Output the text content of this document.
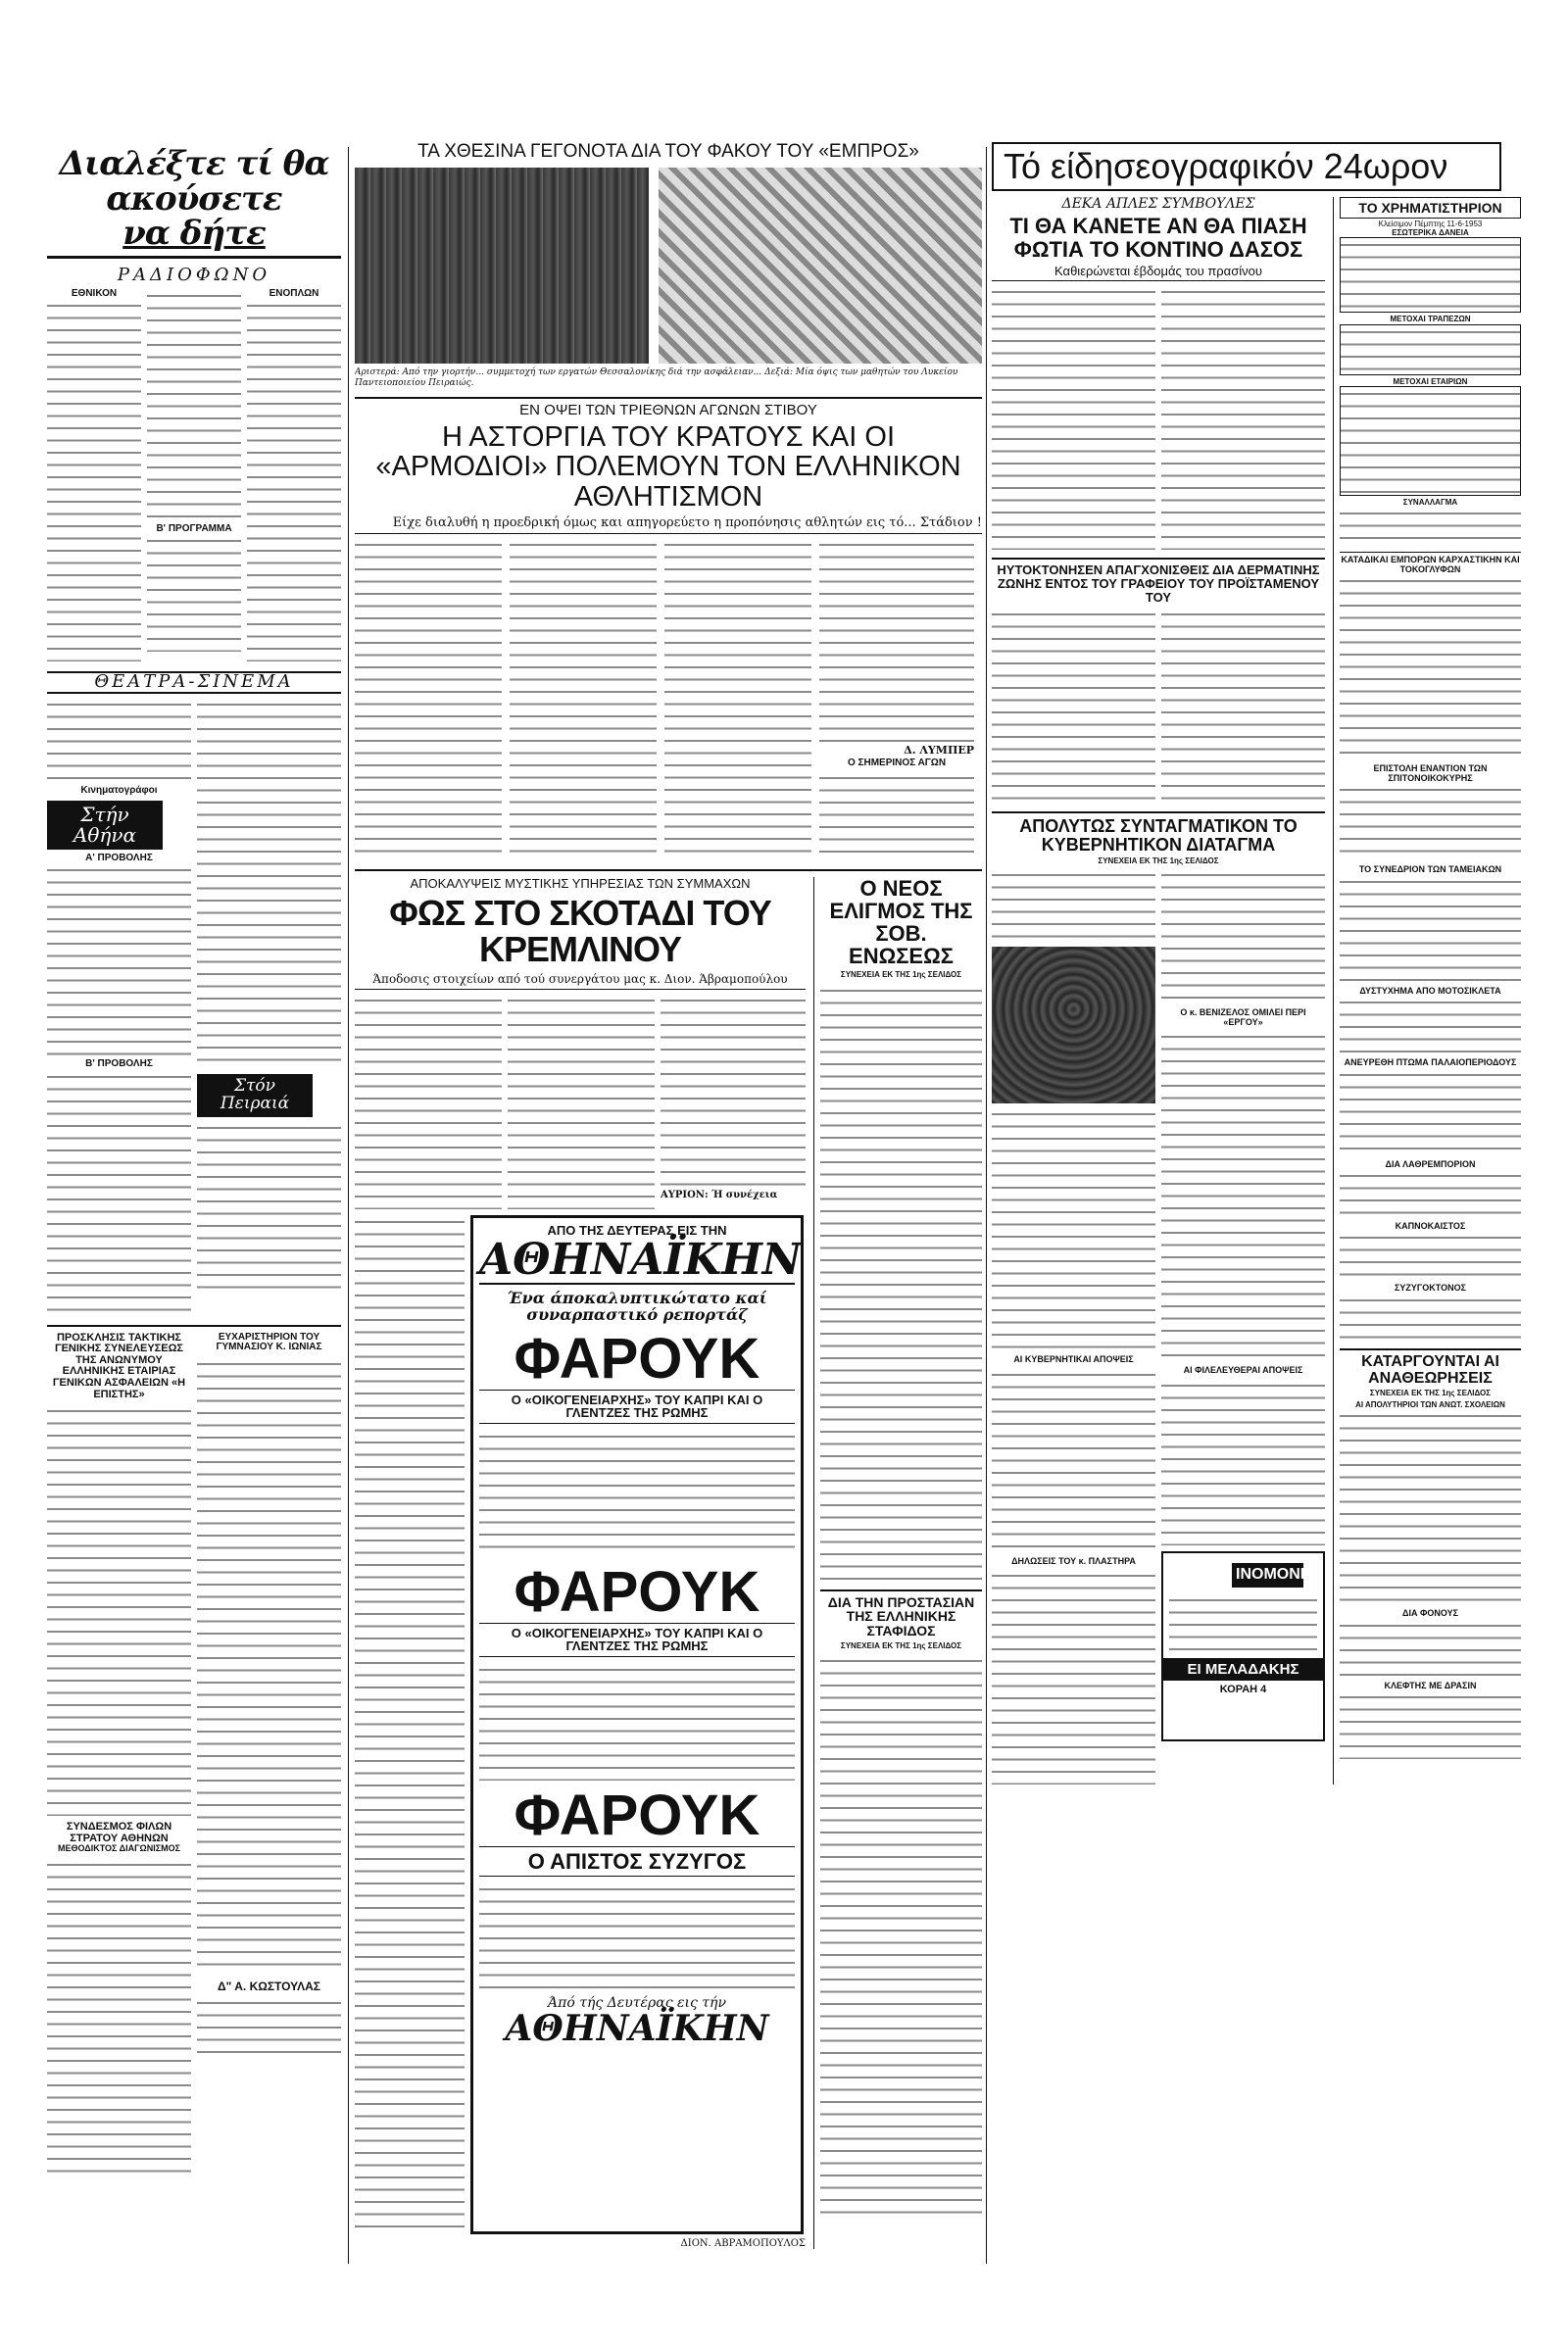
Διαλέξτε τί θα ακούσετε
να δήτε
ΡΑΔΙΟΦΩΝΟ
ΕΘΝΙΚΟΝ
Β' ΠΡΟΓΡΑΜΜΑ
ΕΝΟΠΛΩΝ
ΘΕΑΤΡΑ-ΣΙΝΕΜΑ
Κινηματογράφοι
Στήν Αθήνα
Α' ΠΡΟΒΟΛΗΣ
Β' ΠΡΟΒΟΛΗΣ
Στόν Πειραιά
ΠΡΟΣΚΛΗΣΙΣ ΤΑΚΤΙΚΗΣ ΓΕΝΙΚΗΣ ΣΥΝΕΛΕΥΣΕΩΣ ΤΗΣ ΑΝΩΝΥΜΟΥ ΕΛΛΗΝΙΚΗΣ ΕΤΑΙΡΙΑΣ ΓΕΝΙΚΩΝ ΑΣΦΑΛΕΙΩΝ «Η ΕΠΙΣΤΗΣ»
ΣΥΝΔΕΣΜΟΣ ΦΙΛΩΝ ΣΤΡΑΤΟΥ ΑΘΗΝΩΝ
ΜΕΘΟΔΙΚΤΟΣ ΔΙΑΓΩΝΙΣΜΟΣ
ΕΥΧΑΡΙΣΤΗΡΙΟΝ ΤΟΥ ΓΥΜΝΑΣΙΟΥ Κ. ΙΩΝΙΑΣ
Δ" Α. ΚΩΣΤΟΥΛΑΣ
ΤΑ ΧΘΕΣΙΝΑ ΓΕΓΟΝΟΤΑ ΔΙΑ ΤΟΥ ΦΑΚΟΥ ΤΟΥ «ΕΜΠΡΟΣ»
Αριστερά: Από την γιορτήν... συμμετοχή των εργατών Θεσσαλονίκης διά την ασφάλειαν... Δεξιά: Μία όψις των μαθητών του Λυκείου Παντειοποιείου Πειραιώς.
ΕΝ ΟΨΕΙ ΤΩΝ ΤΡΙΕΘΝΩΝ ΑΓΩΝΩΝ ΣΤΙΒΟΥ
Η ΑΣΤΟΡΓΙΑ ΤΟΥ ΚΡΑΤΟΥΣ ΚΑΙ ΟΙ «ΑΡΜΟΔΙΟΙ» ΠΟΛΕΜΟΥΝ ΤΟΝ ΕΛΛΗΝΙΚΟΝ ΑΘΛΗΤΙΣΜΟΝ
Είχε διαλυθή η προεδρική όμως και απηγορεύετο η προπόνησις αθλητών εις τό... Στάδιον !
Δ. ΛΥΜΠΕΡ
Ο ΣΗΜΕΡΙΝΟΣ ΑΓΩΝ
ΑΠΟΚΑΛΥΨΕΙΣ ΜΥΣΤΙΚΗΣ ΥΠΗΡΕΣΙΑΣ ΤΩΝ ΣΥΜΜΑΧΩΝ
ΦΩΣ ΣΤΟ ΣΚΟΤΑΔΙ ΤΟΥ ΚΡΕΜΛΙΝΟΥ
Άποδοσις στοιχείων από τού συνεργάτου μας κ. Διον. Άβραμοπούλου
ΑΥΡΙΟΝ: Ή συνέχεια
ΑΠΟ ΤΗΣ ΔΕΥΤΕΡΑΣ ΕΙΣ ΤΗΝ
ΑΘΗΝΑΪΚΗΝ
Ένα άποκαλυπτικώτατο καί συναρπαστικό ρεπορτάζ
ΦΑΡΟΥΚ
Ο «ΟΙΚΟΓΕΝΕΙΑΡΧΗΣ» ΤΟΥ ΚΑΠΡΙ ΚΑΙ Ο ΓΛΕΝΤΖΕΣ ΤΗΣ ΡΩΜΗΣ
ΦΑΡΟΥΚ
Ο «ΟΙΚΟΓΕΝΕΙΑΡΧΗΣ» ΤΟΥ ΚΑΠΡΙ ΚΑΙ Ο ΓΛΕΝΤΖΕΣ ΤΗΣ ΡΩΜΗΣ
ΦΑΡΟΥΚ
Ο ΑΠΙΣΤΟΣ ΣΥΖΥΓΟΣ
Άπό τής Δευτέρας εις τήν
ΑΘΗΝΑΪΚΗΝ
ΔΙΟΝ. ΑΒΡΑΜΟΠΟΥΛΟΣ
Ο ΝΕΟΣ ΕΛΙΓΜΟΣ ΤΗΣ ΣΟΒ. ΕΝΩΣΕΩΣ
ΣΥΝΕΧΕΙΑ ΕΚ ΤΗΣ 1ης ΣΕΛΙΔΟΣ
ΔΙΑ ΤΗΝ ΠΡΟΣΤΑΣΙΑΝ ΤΗΣ ΕΛΛΗΝΙΚΗΣ ΣΤΑΦΙΔΟΣ
ΣΥΝΕΧΕΙΑ ΕΚ ΤΗΣ 1ης ΣΕΛΙΔΟΣ
Τό είδησεογραφικόν 24ωρον
ΔΕΚΑ ΑΠΛΕΣ ΣΥΜΒΟΥΛΕΣ
ΤΙ ΘΑ ΚΑΝΕΤΕ ΑΝ ΘΑ ΠΙΑΣΗ ΦΩΤΙΑ ΤΟ ΚΟΝΤΙΝΟ ΔΑΣΟΣ
Καθιερώνεται έβδομάς του πρασίνου
ΗΥΤΟΚΤΟΝΗΣΕΝ ΑΠΑΓΧΟΝΙΣΘΕΙΣ ΔΙΑ ΔΕΡΜΑΤΙΝΗΣ ΖΩΝΗΣ ΕΝΤΟΣ ΤΟΥ ΓΡΑΦΕΙΟΥ ΤΟΥ ΠΡΟΪΣΤΑΜΕΝΟΥ ΤΟΥ
ΑΠΟΛΥΤΩΣ ΣΥΝΤΑΓΜΑΤΙΚΟΝ ΤΟ ΚΥΒΕΡΝΗΤΙΚΟΝ ΔΙΑΤΑΓΜΑ
ΣΥΝΕΧΕΙΑ ΕΚ ΤΗΣ 1ης ΣΕΛΙΔΟΣ
ΑΙ ΚΥΒΕΡΝΗΤΙΚΑΙ ΑΠΟΨΕΙΣ
ΔΗΛΩΣΕΙΣ ΤΟΥ κ. ΠΛΑΣΤΗΡΑ
Ο κ. ΒΕΝΙΖΕΛΟΣ ΟΜΙΛΕΙ ΠΕΡΙ «ΕΡΓΟΥ»
ΑΙ ΦΙΛΕΛΕΥΘΕΡΑΙ ΑΠΟΨΕΙΣ
ΙΝΟΜΟΝΕΣ
ΕΙ ΜΕΛΑΔΑΚΗΣ
ΚΟΡΑΗ 4
ΤΟ ΧΡΗΜΑΤΙΣΤΗΡΙΟΝ
Κλείσιμον Πέμπτης 11-6-1953
ΕΣΩΤΕΡΙΚΑ ΔΑΝΕΙΑ
ΜΕΤΟΧΑΙ ΤΡΑΠΕΖΩΝ
ΜΕΤΟΧΑΙ ΕΤΑΙΡΙΩΝ
ΣΥΝΑΛΛΑΓΜΑ
ΚΑΤΑΔΙΚΑΙ ΕΜΠΟΡΩΝ ΚΑΡΧΑΣΤΙΚΗΝ ΚΑΙ ΤΟΚΟΓΛΥΦΩΝ
ΕΠΙΣΤΟΛΗ ΕΝΑΝΤΙΟΝ ΤΩΝ ΣΠΙΤΟΝΟΙΚΟΚΥΡΗΣ
ΤΟ ΣΥΝΕΔΡΙΟΝ ΤΩΝ ΤΑΜΕΙΑΚΩΝ
ΔΥΣΤΥΧΗΜΑ ΑΠΟ ΜΟΤΟΣΙΚΛΕΤΑ
ΑΝΕΥΡΕΘΗ ΠΤΩΜΑ ΠΑΛΑΙΟΠΕΡΙΟΔΟΥΣ
ΔΙΑ ΛΑΘΡΕΜΠΟΡΙΟΝ
ΚΑΠΝΟΚΑΙΣΤΟΣ
ΣΥΖΥΓΟΚΤΟΝΟΣ
ΚΑΤΑΡΓΟΥΝΤΑΙ ΑΙ ΑΝΑΘΕΩΡΗΣΕΙΣ
ΣΥΝΕΧΕΙΑ ΕΚ ΤΗΣ 1ης ΣΕΛΙΔΟΣ
ΑΙ ΑΠΟΛΥΤΗΡΙΟΙ ΤΩΝ ΑΝΩΤ. ΣΧΟΛΕΙΩΝ
ΔΙΑ ΦΟΝΟΥΣ
ΚΛΕΦΤΗΣ ΜΕ ΔΡΑΣΙΝ
